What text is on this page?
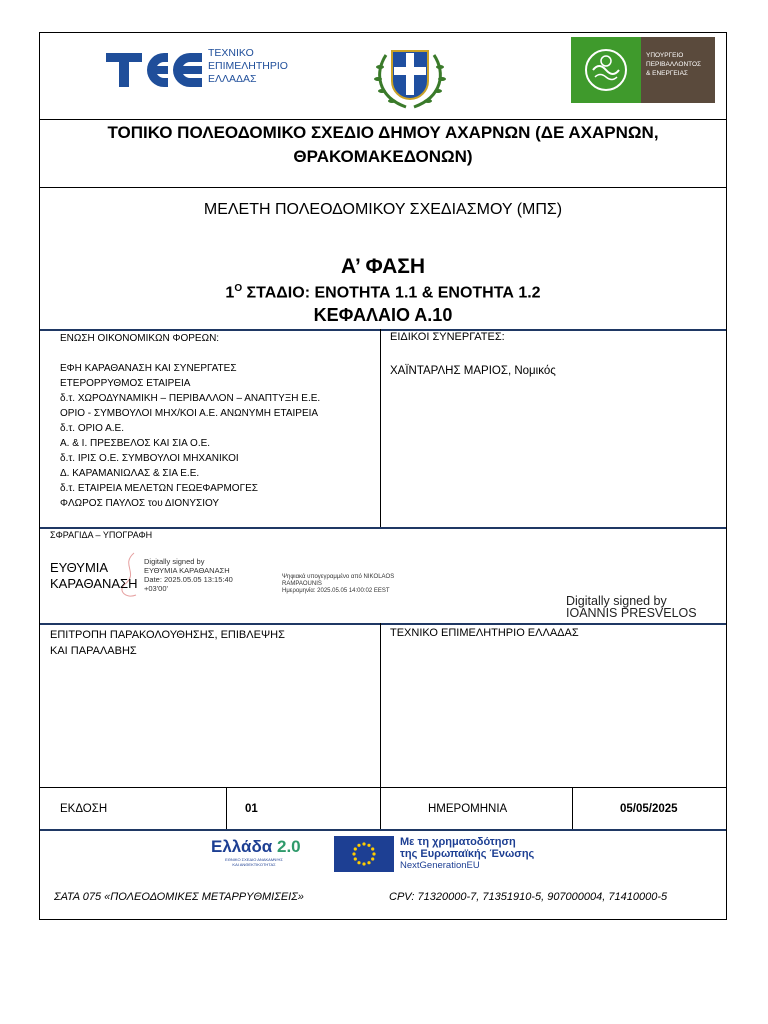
ΤΕΧΝΙΚΟ
ΕΠΙΜΕΛΗΤΗΡΙΟ
ΕΛΛΑΔΑΣ
ΥΠΟΥΡΓΕΙΟ
ΠΕΡΙΒΑΛΛΟΝΤΟΣ
& ΕΝΕΡΓΕΙΑΣ
ΤΟΠΙΚΟ ΠΟΛΕΟΔΟΜΙΚΟ ΣΧΕΔΙΟ ΔΗΜΟΥ ΑΧΑΡΝΩΝ (ΔΕ ΑΧΑΡΝΩΝ,
ΘΡΑΚΟΜΑΚΕΔΟΝΩΝ)
ΜΕΛΕΤΗ ΠΟΛΕΟΔΟΜΙΚΟΥ ΣΧΕΔΙΑΣΜΟΥ (ΜΠΣ)
Α’ ΦΑΣΗ
$1^O$ ΣΤΑΔΙΟ: ΕΝΟΤΗΤΑ 1.1 & ΕΝΟΤΗΤΑ 1.2
ΚΕΦΑΛΑΙΟ Α.10
ΕΝΩΣΗ ΟΙΚΟΝΟΜΙΚΩΝ ΦΟΡΕΩΝ:
ΕΦΗ ΚΑΡΑΘΑΝΑΣΗ ΚΑΙ ΣΥΝΕΡΓΑΤΕΣ
ΕΤΕΡΟΡΡΥΘΜΟΣ ΕΤΑΙΡΕΙΑ
δ.τ. ΧΩΡΟΔΥΝΑΜΙΚΗ – ΠΕΡΙΒΑΛΛΟΝ – ΑΝΑΠΤΥΞΗ Ε.Ε.
ΟΡΙΟ - ΣΥΜΒΟΥΛΟΙ ΜΗΧ/ΚΟΙ Α.Ε. ΑΝΩΝΥΜΗ ΕΤΑΙΡΕΙΑ
δ.τ. ΟΡΙΟ Α.Ε.
Α. & Ι. ΠΡΕΣΒΕΛΟΣ ΚΑΙ ΣΙΑ Ο.Ε.
δ.τ. ΙΡΙΣ Ο.Ε. ΣΥΜΒΟΥΛΟΙ ΜΗΧΑΝΙΚΟΙ
Δ. ΚΑΡΑΜΑΝΙΩΛΑΣ & ΣΙΑ Ε.Ε.
δ.τ. ΕΤΑΙΡΕΙΑ ΜΕΛΕΤΩΝ ΓΕΩΕΦΑΡΜΟΓΕΣ
ΦΛΩΡΟΣ ΠΑΥΛΟΣ του ΔΙΟΝΥΣΙΟΥ
ΕΙΔΙΚΟΙ ΣΥΝΕΡΓΑΤΕΣ:
ΧΑΪΝΤΑΡΛΗΣ ΜΑΡΙΟΣ, Νομικός
ΣΦΡΑΓΙΔΑ – ΥΠΟΓΡΑΦΗ
ΕΥΘΥΜΙΑ
ΚΑΡΑΘΑΝΑΣΗ
Digitally signed by
ΕΥΘΥΜΙΑ ΚΑΡΑΘΑΝΑΣΗ
Date: 2025.05.05 13:15:40
+03'00'
Ψηφιακά υπογεγραμμένο από NIKOLAOS
RAMPAOUNIS
Ημερομηνία: 2025.05.05 14:00:02 EEST
Digitally signed by
IOANNIS PRESVELOS
ΕΠΙΤΡΟΠΗ ΠΑΡΑΚΟΛΟΥΘΗΣΗΣ, ΕΠΙΒΛΕΨΗΣ
ΚΑΙ ΠΑΡΑΛΑΒΗΣ
ΤΕΧΝΙΚΟ ΕΠΙΜΕΛΗΤΗΡΙΟ ΕΛΛΑΔΑΣ
ΕΚΔΟΣΗ	01	ΗΜΕΡΟΜΗΝΙΑ	05/05/2025
Ελλάδα 2.0
ΕΘΝΙΚΟ ΣΧΕΔΙΟ ΑΝΑΚΑΜΨΗΣ
ΚΑΙ ΑΝΘΕΚΤΙΚΟΤΗΤΑΣ
Με τη χρηματοδότηση
της Ευρωπαϊκής Ένωσης
NextGenerationEU
ΣΑΤΑ 075 «ΠΟΛΕΟΔΟΜΙΚΕΣ ΜΕΤΑΡΡΥΘΜΙΣΕΙΣ»	CPV: 71320000-7, 71351910-5, 907000004, 71410000-5
